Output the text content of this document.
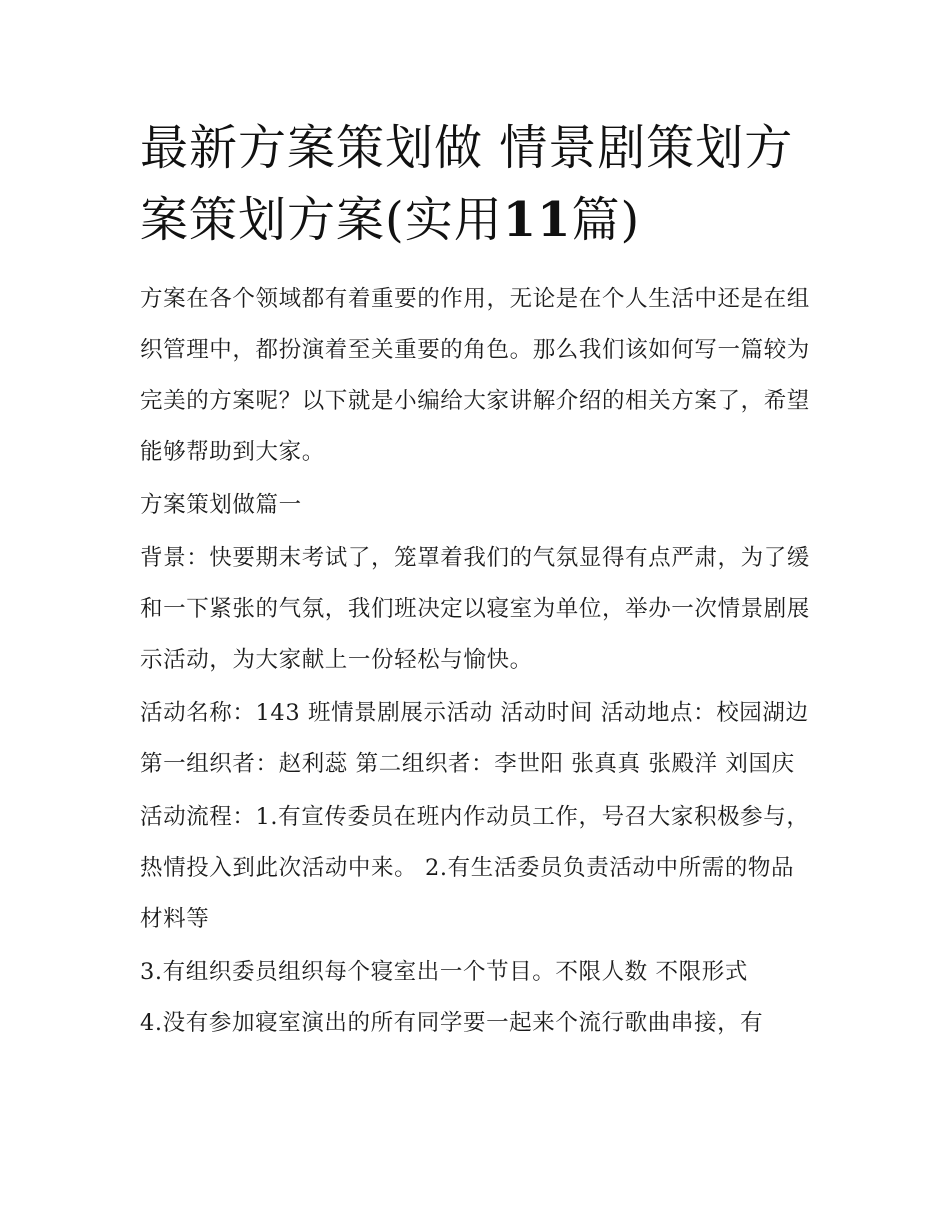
最新方案策划做 情景剧策划方案策划方案(实用11篇)

方案在各个领域都有着重要的作用，无论是在个人生活中还是在组织管理中，都扮演着至关重要的角色。那么我们该如何写一篇较为完美的方案呢？以下就是小编给大家讲解介绍的相关方案了，希望能够帮助到大家。

方案策划做篇一

背景：快要期末考试了，笼罩着我们的气氛显得有点严肃，为了缓和一下紧张的气氛，我们班决定以寝室为单位，举办一次情景剧展示活动，为大家献上一份轻松与愉快。

活动名称：143 班情景剧展示活动 活动时间 活动地点：校园湖边 第一组织者：赵利蕊 第二组织者：李世阳 张真真 张殿洋 刘国庆

活动流程：1.有宣传委员在班内作动员工作，号召大家积极参与，热情投入到此次活动中来。 2.有生活委员负责活动中所需的物品 材料等

3.有组织委员组织每个寝室出一个节目。不限人数 不限形式

4.没有参加寝室演出的所有同学要一起来个流行歌曲串接，有
